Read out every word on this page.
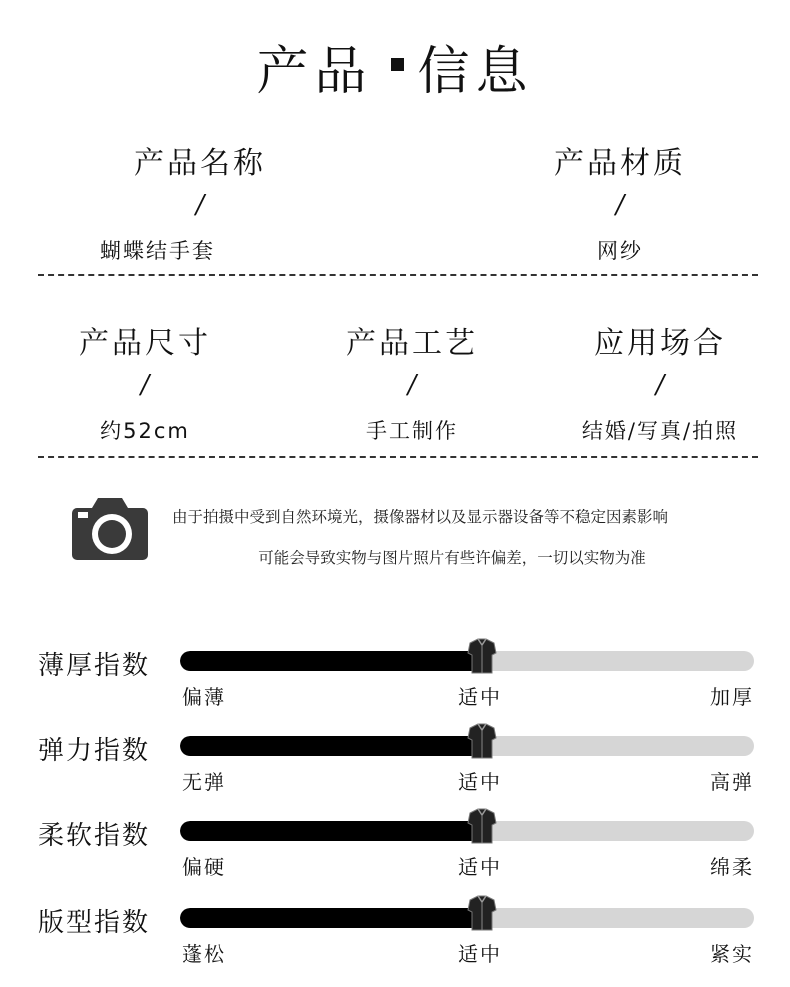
产品 信息
产品名称
/
蝴蝶结手套
产品材质
/
网纱
产品尺寸
/
约52cm
产品工艺
/
手工制作
应用场合
/
结婚/写真/拍照
由于拍摄中受到自然环境光，摄像器材以及显示器设备等不稳定因素影响
可能会导致实物与图片照片有些许偏差，一切以实物为准
薄厚指数
偏薄	适中	加厚
弹力指数
无弹	适中	高弹
柔软指数
偏硬	适中	绵柔
版型指数
蓬松	适中	紧实
